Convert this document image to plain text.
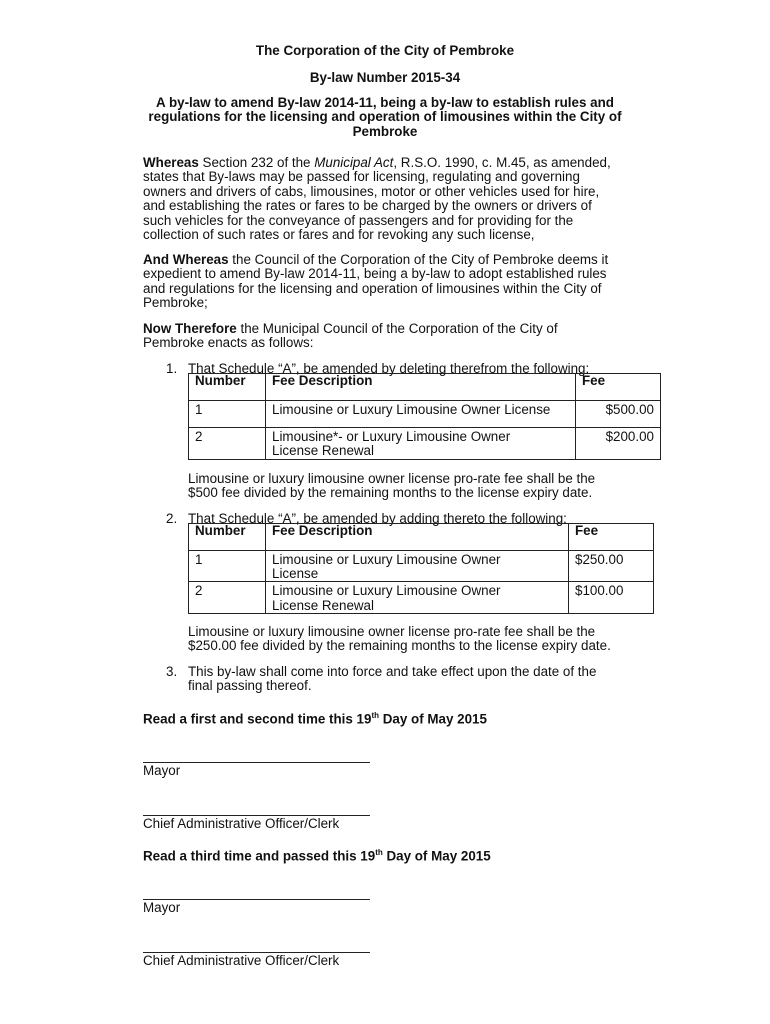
The Corporation of the City of Pembroke
By-law Number 2015-34
A by-law to amend By-law 2014-11, being a by-law to establish rules and
regulations for the licensing and operation of limousines within the City of
Pembroke
Whereas Section 232 of the Municipal Act, R.S.O. 1990, c. M.45, as amended,
states that By-laws may be passed for licensing, regulating and governing
owners and drivers of cabs, limousines, motor or other vehicles used for hire,
and establishing the rates or fares to be charged by the owners or drivers of
such vehicles for the conveyance of passengers and for providing for the
collection of such rates or fares and for revoking any such license,
And Whereas the Council of the Corporation of the City of Pembroke deems it
expedient to amend By-law 2014-11, being a by-law to adopt established rules
and regulations for the licensing and operation of limousines within the City of
Pembroke;
Now Therefore the Municipal Council of the Corporation of the City of
Pembroke enacts as follows:
1. That Schedule “A”, be amended by deleting therefrom the following:
Number	Fee Description	Fee
1	Limousine or Luxury Limousine Owner License	$500.00
2	Limousine*- or Luxury Limousine Owner
License Renewal	$200.00
Limousine or luxury limousine owner license pro-rate fee shall be the
$500 fee divided by the remaining months to the license expiry date.
2. That Schedule “A”, be amended by adding thereto the following:
Number	Fee Description	Fee
1	Limousine or Luxury Limousine Owner
License	$250.00
2	Limousine or Luxury Limousine Owner
License Renewal	$100.00
Limousine or luxury limousine owner license pro-rate fee shall be the
$250.00 fee divided by the remaining months to the license expiry date.
3. This by-law shall come into force and take effect upon the date of the
final passing thereof.
Read a first and second time this 19th Day of May 2015
Mayor
Chief Administrative Officer/Clerk
Read a third time and passed this 19th Day of May 2015
Mayor
Chief Administrative Officer/Clerk
